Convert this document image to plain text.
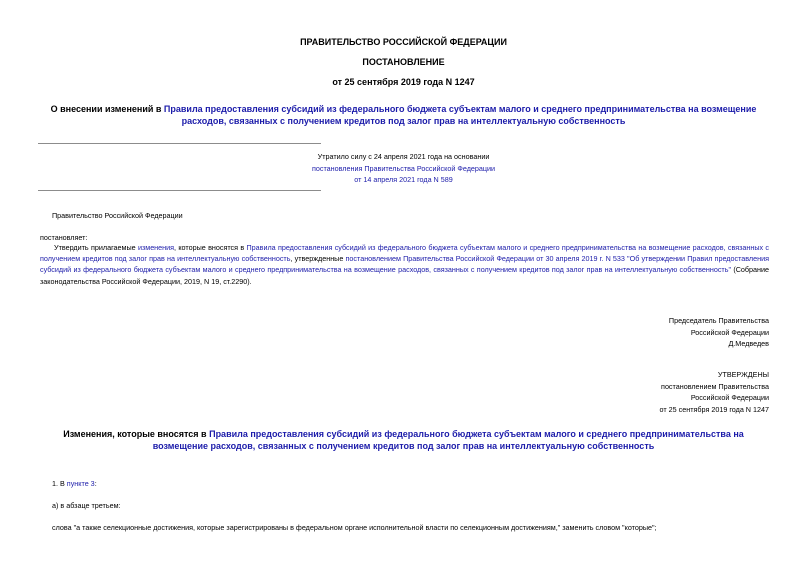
ПРАВИТЕЛЬСТВО РОССИЙСКОЙ ФЕДЕРАЦИИ
ПОСТАНОВЛЕНИЕ
от 25 сентября 2019 года N 1247
О внесении изменений в Правила предоставления субсидий из федерального бюджета субъектам малого и среднего предпринимательства на возмещение расходов, связанных с получением кредитов под залог прав на интеллектуальную собственность
Утратило силу с 24 апреля 2021 года на основании
постановления Правительства Российской Федерации
от 14 апреля 2021 года N 589
Правительство Российской Федерации
постановляет:
Утвердить прилагаемые изменения, которые вносятся в Правила предоставления субсидий из федерального бюджета субъектам малого и среднего предпринимательства на возмещение расходов, связанных с получением кредитов под залог прав на интеллектуальную собственность, утвержденные постановлением Правительства Российской Федерации от 30 апреля 2019 г. N 533 "Об утверждении Правил предоставления субсидий из федерального бюджета субъектам малого и среднего предпринимательства на возмещение расходов, связанных с получением кредитов под залог прав на интеллектуальную собственность" (Собрание законодательства Российской Федерации, 2019, N 19, ст.2290).
Председатель Правительства
Российской Федерации
Д.Медведев
УТВЕРЖДЕНЫ
постановлением Правительства
Российской Федерации
от 25 сентября 2019 года N 1247
Изменения, которые вносятся в Правила предоставления субсидий из федерального бюджета субъектам малого и среднего предпринимательства на возмещение расходов, связанных с получением кредитов под залог прав на интеллектуальную собственность
1. В пункте 3:
а) в абзаце третьем:
слова "а также селекционные достижения, которые зарегистрированы в федеральном органе исполнительной власти по селекционным достижениям," заменить словом "которые";
